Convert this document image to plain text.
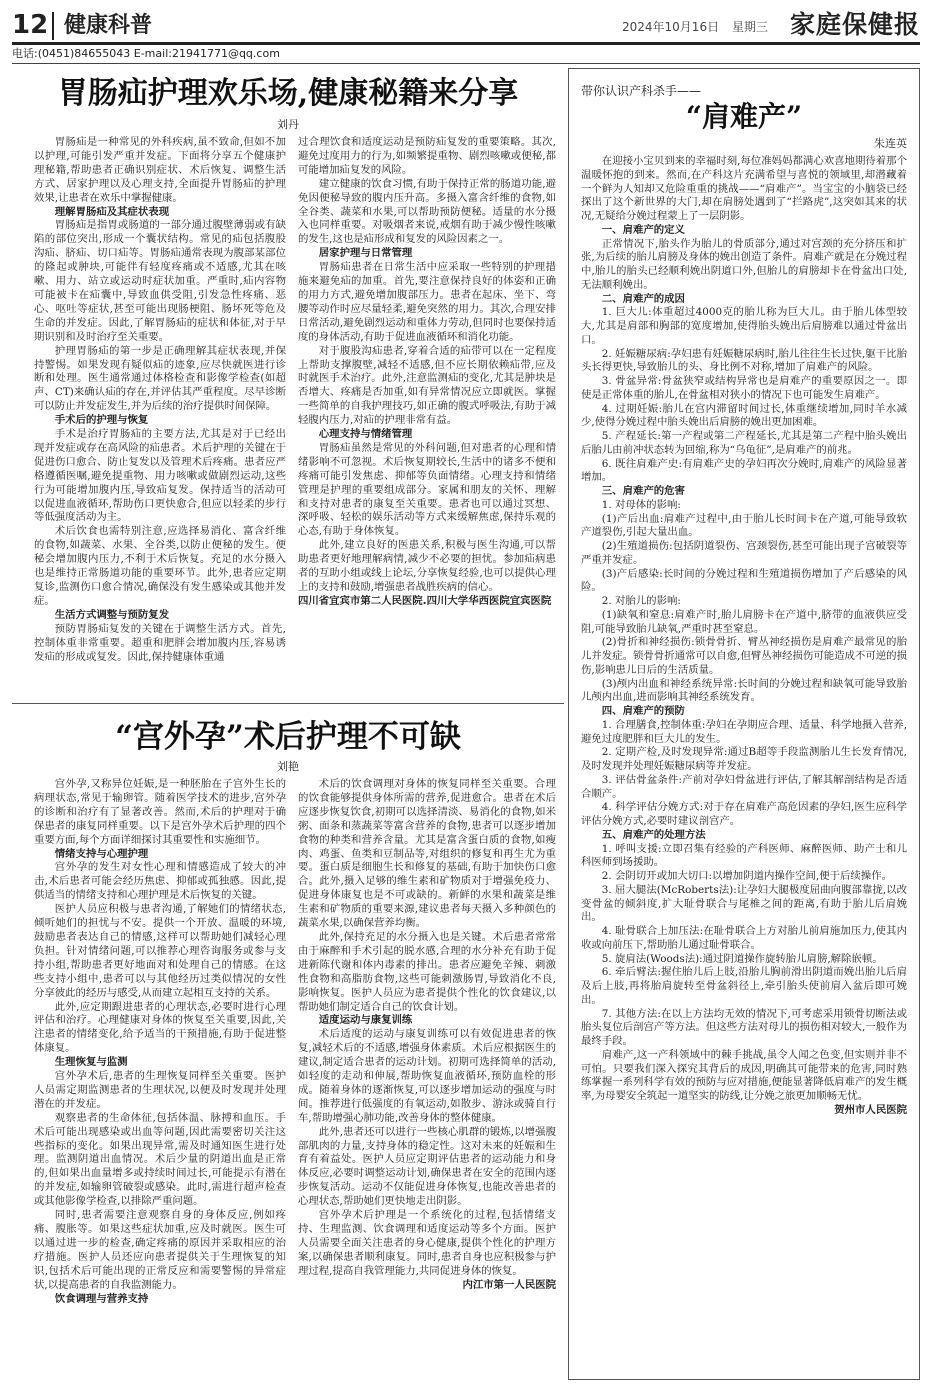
12 健康科普	2024年10月16日 星期三 家庭保健报
电话:(0451)84655043 E-mail:21941771@qq.com
胃肠疝护理欢乐场,健康秘籍来分享
刘丹

胃肠疝是一种常见的外科疾病,虽不致命,但如不加以护理,可能引发严重并发症。下面将分享五个健康护理秘籍,帮助患者正确识别症状、术后恢复、调整生活方式、居家护理以及心理支持,全面提升胃肠疝的护理效果,让患者在欢乐中掌握健康。

理解胃肠疝及其症状表现

胃肠疝是指胃或肠道的一部分通过腹壁薄弱或有缺陷的部位突出,形成一个囊状结构。常见的疝包括腹股沟疝、脐疝、切口疝等。胃肠疝通常表现为腹部某部位的隆起或肿块,可能伴有轻度疼痛或不适感,尤其在咳嗽、用力、站立或运动时症状加重。严重时,疝内容物可能被卡在疝囊中,导致血供受阻,引发急性疼痛、恶心、呕吐等症状,甚至可能出现肠梗阻、肠坏死等危及生命的并发症。因此,了解胃肠疝的症状和体征,对于早期识别和及时治疗至关重要。

护理胃肠疝的第一步是正确理解其症状表现,并保持警惕。如果发现有疑似疝的迹象,应尽快就医进行诊断和处理。医生通常通过体格检查和影像学检查(如超声、CT)来确认疝的存在,并评估其严重程度。尽早诊断可以防止并发症发生,并为后续的治疗提供时间保障。

手术后的护理与恢复

手术是治疗胃肠疝的主要方法,尤其是对于已经出现并发症或存在高风险的疝患者。术后护理的关键在于促进伤口愈合、防止复发以及管理术后疼痛。患者应严格遵循医嘱,避免提重物、用力咳嗽或做剧烈运动,这些行为可能增加腹内压,导致疝复发。保持适当的活动可以促进血液循环,帮助伤口更快愈合,但应以轻柔的步行等低强度活动为主。

术后饮食也需特别注意,应选择易消化、富含纤维的食物,如蔬菜、水果、全谷类,以防止便秘的发生。便秘会增加腹内压力,不利于术后恢复。充足的水分摄入也是维持正常肠道功能的重要环节。此外,患者应定期复诊,监测伤口愈合情况,确保没有发生感染或其他并发症。

生活方式调整与预防复发

预防胃肠疝复发的关键在于调整生活方式。首先,控制体重非常重要。超重和肥胖会增加腹内压,容易诱发疝的形成或复发。因此,保持健康体重通

过合理饮食和适度运动是预防疝复发的重要策略。其次,避免过度用力的行为,如频繁提重物、剧烈咳嗽或便秘,都可能增加疝复发的风险。

建立健康的饮食习惯,有助于保持正常的肠道功能,避免因便秘导致的腹内压升高。多摄入富含纤维的食物,如全谷类、蔬菜和水果,可以帮助预防便秘。适量的水分摄入也同样重要。对吸烟者来说,戒烟有助于减少慢性咳嗽的发生,这也是疝形成和复发的风险因素之一。

居家护理与日常管理

胃肠疝患者在日常生活中应采取一些特别的护理措施来避免疝的加重。首先,要注意保持良好的体姿和正确的用力方式,避免增加腹部压力。患者在起床、坐下、弯腰等动作时应尽量轻柔,避免突然的用力。其次,合理安排日常活动,避免剧烈运动和重体力劳动,但同时也要保持适度的身体活动,有助于促进血液循环和消化功能。

对于腹股沟疝患者,穿着合适的疝带可以在一定程度上帮助支撑腹壁,减轻不适感,但不应长期依赖疝带,应及时就医手术治疗。此外,注意监测疝的变化,尤其是肿块是否增大、疼痛是否加重,如有异常情况应立即就医。掌握一些简单的自我护理技巧,如正确的腹式呼吸法,有助于减轻腹内压力,对疝的护理非常有益。

心理支持与情绪管理

胃肠疝虽然是常见的外科问题,但对患者的心理和情绪影响不可忽视。术后恢复期较长,生活中的诸多不便和疼痛可能引发焦虑、抑郁等负面情绪。心理支持和情绪管理是护理的重要组成部分。家属和朋友的关怀、理解和支持对患者的康复至关重要。患者也可以通过冥想、深呼吸、轻松的娱乐活动等方式来缓解焦虑,保持乐观的心态,有助于身体恢复。

此外,建立良好的医患关系,积极与医生沟通,可以帮助患者更好地理解病情,减少不必要的担忧。参加疝病患者的互助小组或线上论坛,分享恢复经验,也可以提供心理上的支持和鼓励,增强患者战胜疾病的信心。

四川省宜宾市第二人民医院.四川大学华西医院宜宾医院

“宫外孕”术后护理不可缺
刘艳

宫外孕,又称异位妊娠,是一种胚胎在子宫外生长的病理状态,常见于输卵管。随着医学技术的进步,宫外孕的诊断和治疗有了显著改善。然而,术后的护理对于确保患者的康复同样重要。以下是宫外孕术后护理的四个重要方面,每个方面详细探讨其重要性和实施细节。

情绪支持与心理护理

宫外孕的发生对女性心理和情感造成了较大的冲击,术后患者可能会经历焦虑、抑郁或孤独感。因此,提供适当的情绪支持和心理护理是术后恢复的关键。

医护人员应积极与患者沟通,了解她们的情绪状态,倾听她们的担忧与不安。提供一个开放、温暖的环境,鼓励患者表达自己的情感,这样可以帮助她们减轻心理负担。针对情绪问题,可以推荐心理咨询服务或参与支持小组,帮助患者更好地面对和处理自己的情感。在这些支持小组中,患者可以与其他经历过类似情况的女性分享彼此的经历与感受,从而建立起相互支持的关系。

此外,应定期跟进患者的心理状态,必要时进行心理评估和治疗。心理健康对身体的恢复至关重要,因此,关注患者的情绪变化,给予适当的干预措施,有助于促进整体康复。

生理恢复与监测

宫外孕术后,患者的生理恢复同样至关重要。医护人员需定期监测患者的生理状况,以便及时发现并处理潜在的并发症。

观察患者的生命体征,包括体温、脉搏和血压。手术后可能出现感染或出血等问题,因此需要密切关注这些指标的变化。如果出现异常,需及时通知医生进行处理。监测阴道出血情况。术后少量的阴道出血是正常的,但如果出血量增多或持续时间过长,可能提示有潜在的并发症,如输卵管破裂或感染。此时,需进行超声检查或其他影像学检查,以排除严重问题。

同时,患者需要注意观察自身的身体反应,例如疼痛、腹胀等。如果这些症状加重,应及时就医。医生可以通过进一步的检查,确定疼痛的原因并采取相应的治疗措施。医护人员还应向患者提供关于生理恢复的知识,包括术后可能出现的正常反应和需要警惕的异常症状,以提高患者的自我监测能力。

饮食调理与营养支持

术后的饮食调理对身体的恢复同样至关重要。合理的饮食能够提供身体所需的营养,促进愈合。患者在术后应逐步恢复饮食,初期可以选择清淡、易消化的食物,如米粥、面条和蒸蔬菜等富含营养的食物,患者可以逐步增加食物的种类和营养含量。尤其是富含蛋白质的食物,如瘦肉、鸡蛋、鱼类和豆制品等,对组织的修复和再生尤为重要。蛋白质是细胞生长和修复的基础,有助于加快伤口愈合。此外,摄入足够的维生素和矿物质对于增强免疫力、促进身体康复也是不可或缺的。新鲜的水果和蔬菜是维生素和矿物质的重要来源,建议患者每天摄入多种颜色的蔬菜水果,以确保营养均衡。

此外,保持充足的水分摄入也是关键。术后患者常常由于麻醉和手术引起的脱水感,合理的水分补充有助于促进新陈代谢和体内毒素的排出。患者应避免辛辣、刺激性食物和高脂肪食物,这些可能刺激肠胃,导致消化不良,影响恢复。医护人员应为患者提供个性化的饮食建议,以帮助她们制定适合自己的饮食计划。

适度运动与康复训练

术后适度的运动与康复训练可以有效促进患者的恢复,减轻术后的不适感,增强身体素质。术后应根据医生的建议,制定适合患者的运动计划。初期可选择简单的活动,如轻度的走动和伸展,帮助恢复血液循环,预防血栓的形成。随着身体的逐渐恢复,可以逐步增加运动的强度与时间。推荐进行低强度的有氧运动,如散步、游泳或骑自行车,帮助增强心肺功能,改善身体的整体健康。

此外,患者还可以进行一些核心肌群的锻炼,以增强腹部肌肉的力量,支持身体的稳定性。这对未来的妊娠和生育有着益处。医护人员应定期评估患者的运动能力和身体反应,必要时调整运动计划,确保患者在安全的范围内逐步恢复活动。运动不仅能促进身体恢复,也能改善患者的心理状态,帮助她们更快地走出阴影。

宫外孕术后护理是一个系统化的过程,包括情绪支持、生理监测、饮食调理和适度运动等多个方面。医护人员需要全面关注患者的身心健康,提供个性化的护理方案,以确保患者顺利康复。同时,患者自身也应积极参与护理过程,提高自我管理能力,共同促进身体的恢复。

内江市第一人民医院

带你认识产科杀手——
“肩难产”
朱连英

在迎接小宝贝到来的幸福时刻,每位准妈妈都满心欢喜地期待着那个温暖怀抱的到来。然而,在产科这片充满希望与喜悦的领域里,却潜藏着一个鲜为人知却又危险重重的挑战——“肩难产”。当宝宝的小脑袋已经探出了这个新世界的大门,却在肩膀处遇到了“拦路虎”,这突如其来的状况,无疑给分娩过程蒙上了一层阴影。

一、肩难产的定义

正常情况下,胎头作为胎儿的骨质部分,通过对宫颈的充分挤压和扩张,为后续的胎儿肩膀及身体的娩出创造了条件。肩难产就是在分娩过程中,胎儿的胎头已经顺利娩出阴道口外,但胎儿的肩膀却卡在骨盆出口处,无法顺利娩出。

二、肩难产的成因

1. 巨大儿:体重超过4000克的胎儿称为巨大儿。由于胎儿体型较大,尤其是肩部和胸部的宽度增加,使得胎头娩出后肩膀难以通过骨盆出口。

2. 妊娠糖尿病:孕妇患有妊娠糖尿病时,胎儿往往生长过快,躯干比胎头长得更快,导致胎儿的头、身比例不对称,增加了肩难产的风险。

3. 骨盆异常:骨盆狭窄或结构异常也是肩难产的重要原因之一。即使是正常体重的胎儿,在骨盆相对狭小的情况下也可能发生肩难产。

4. 过期妊娠:胎儿在宫内滞留时间过长,体重继续增加,同时羊水减少,使得分娩过程中胎头娩出后肩膀的娩出更加困难。

5. 产程延长:第一产程或第二产程延长,尤其是第二产程中胎头娩出后胎儿由前冲状态转为回缩,称为“乌龟征”,是肩难产的前兆。

6. 既往肩难产史:有肩难产史的孕妇再次分娩时,肩难产的风险显著增加。

三、肩难产的危害

1. 对母体的影响:

(1)产后出血:肩难产过程中,由于胎儿长时间卡在产道,可能导致软产道裂伤,引起大量出血。

(2)生殖道损伤:包括阴道裂伤、宫颈裂伤,甚至可能出现子宫破裂等严重并发症。

(3)产后感染:长时间的分娩过程和生殖道损伤增加了产后感染的风险。

2. 对胎儿的影响:

(1)缺氧和窒息:肩难产时,胎儿肩膀卡在产道中,脐带的血液供应受阻,可能导致胎儿缺氧,严重时甚至窒息。

(2)骨折和神经损伤:锁骨骨折、臂丛神经损伤是肩难产最常见的胎儿并发症。锁骨骨折通常可以自愈,但臂丛神经损伤可能造成不可逆的损伤,影响患儿日后的生活质量。

(3)颅内出血和神经系统异常:长时间的分娩过程和缺氧可能导致胎儿颅内出血,进而影响其神经系统发育。

四、肩难产的预防

1. 合理膳食,控制体重:孕妇在孕期应合理、适量、科学地摄入营养,避免过度肥胖和巨大儿的发生。

2. 定期产检,及时发现异常:通过B超等手段监测胎儿生长发育情况,及时发现并处理妊娠糖尿病等并发症。

3. 评估骨盆条件:产前对孕妇骨盆进行评估,了解其解剖结构是否适合顺产。

4. 科学评估分娩方式:对于存在肩难产高危因素的孕妇,医生应科学评估分娩方式,必要时建议剖宫产。

五、肩难产的处理方法

1. 呼叫支援:立即召集有经验的产科医师、麻醉医师、助产士和儿科医师到场援助。

2. 会阴切开或加大切口:以增加阴道内操作空间,便于后续操作。

3. 屈大腿法(McRoberts法):让孕妇大腿极度屈曲向腹部靠拢,以改变骨盆的倾斜度,扩大耻骨联合与尾椎之间的距离,有助于胎儿后肩娩出。

4. 耻骨联合上加压法:在耻骨联合上方对胎儿前肩施加压力,使其内收或向前压下,帮助胎儿通过耻骨联合。

5. 旋肩法(Woods法):通过阴道操作旋转胎儿肩膀,解除嵌顿。

6. 牵后臂法:握住胎儿后上肢,沿胎儿胸前滑出阴道而娩出胎儿后肩及后上肢,再将胎肩旋转至骨盆斜径上,牵引胎头使前肩入盆后即可娩出。

7. 其他方法:在以上方法均无效的情况下,可考虑采用锁骨切断法或胎头复位后剖宫产等方法。但这些方法对母儿的损伤相对较大,一般作为最终手段。

肩难产,这一产科领域中的棘手挑战,虽令人闻之色变,但实则并非不可怕。只要我们深入探究其背后的成因,明确其可能带来的危害,同时熟练掌握一系列科学有效的预防与应对措施,便能显著降低肩难产的发生概率,为母婴安全筑起一道坚实的防线,让分娩之旅更加顺畅无忧。

贺州市人民医院
